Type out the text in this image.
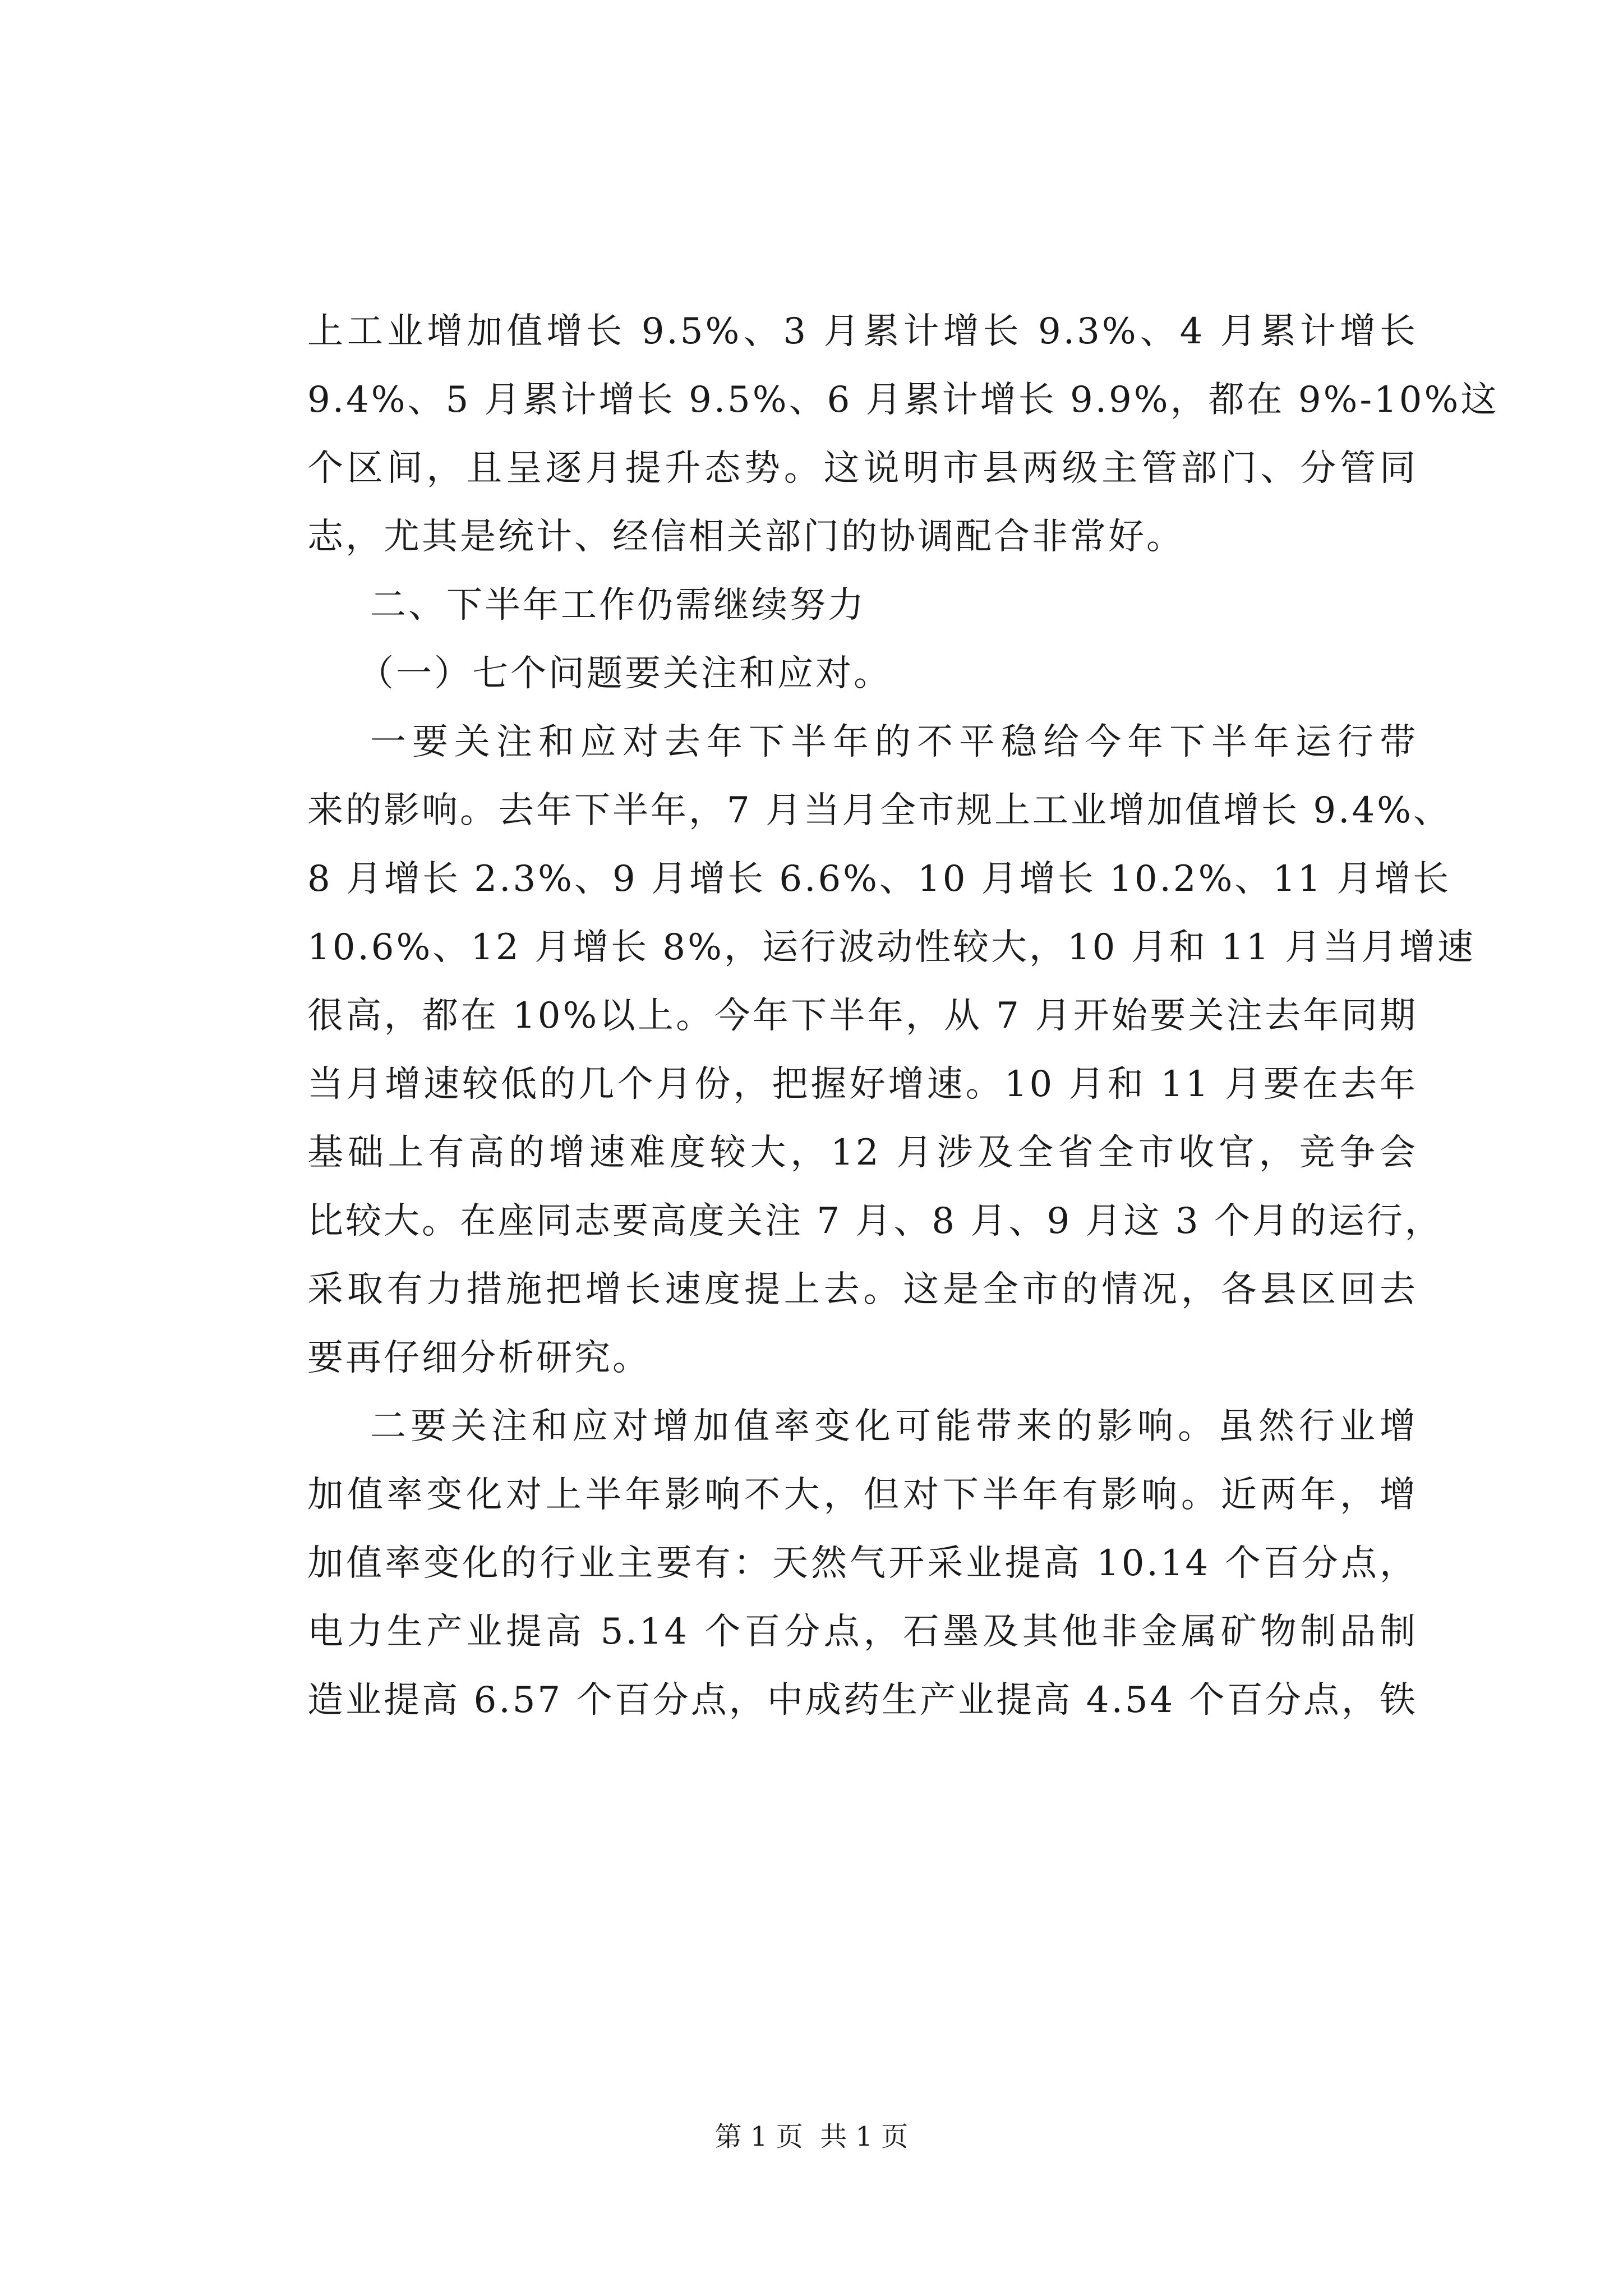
上工业增加值增长 9.5%、3 月累计增长 9.3%、4 月累计增长
9.4%、5 月累计增长 9.5%、6 月累计增长 9.9%，都在 9%-10%这
个区间，且呈逐月提升态势。这说明市县两级主管部门、分管同
志，尤其是统计、经信相关部门的协调配合非常好。
二、下半年工作仍需继续努力
（一）七个问题要关注和应对。
一要关注和应对去年下半年的不平稳给今年下半年运行带
来的影响。去年下半年，7 月当月全市规上工业增加值增长 9.4%、
8 月增长 2.3%、9 月增长 6.6%、10 月增长 10.2%、11 月增长
10.6%、12 月增长 8%，运行波动性较大，10 月和 11 月当月增速
很高，都在 10%以上。今年下半年，从 7 月开始要关注去年同期
当月增速较低的几个月份，把握好增速。10 月和 11 月要在去年
基础上有高的增速难度较大，12 月涉及全省全市收官，竞争会
比较大。在座同志要高度关注 7 月、8 月、9 月这 3 个月的运行，
采取有力措施把增长速度提上去。这是全市的情况，各县区回去
要再仔细分析研究。
二要关注和应对增加值率变化可能带来的影响。虽然行业增
加值率变化对上半年影响不大，但对下半年有影响。近两年，增
加值率变化的行业主要有：天然气开采业提高 10.14 个百分点，
电力生产业提高 5.14 个百分点，石墨及其他非金属矿物制品制
造业提高 6.57 个百分点，中成药生产业提高 4.54 个百分点，铁
第 1 页  共 1 页
